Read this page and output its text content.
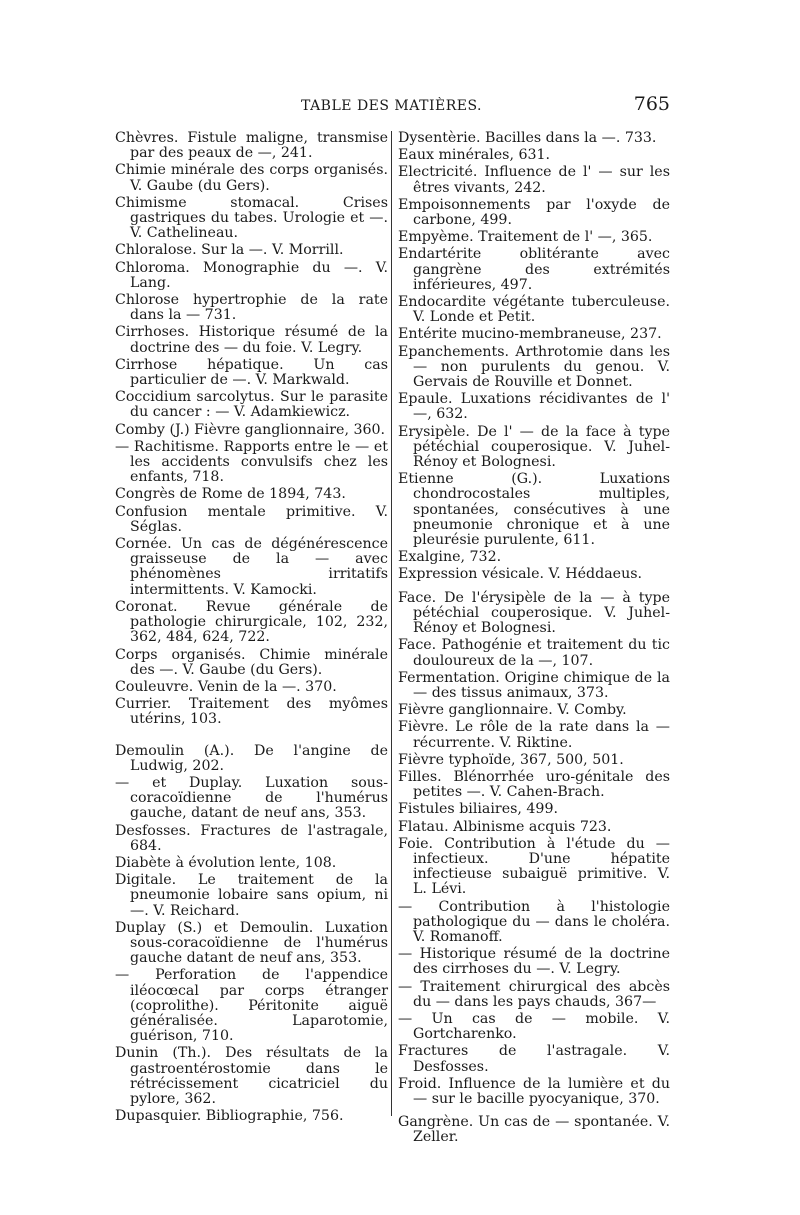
TABLE DES MATIÈRES.	765
Chèvres. Fistule maligne, transmise par des peaux de —, 241.
Chimie minérale des corps organisés. V. Gaube (du Gers).
Chimisme stomacal. Crises gastriques du tabes. Urologie et —. V. Cathelineau.
Chloralose. Sur la —. V. Morrill.
Chloroma. Monographie du —. V. Lang.
Chlorose hypertrophie de la rate dans la — 731.
Cirrhoses. Historique résumé de la doctrine des — du foie. V. Legry.
Cirrhose hépatique. Un cas particulier de —. V. Markwald.
Coccidium sarcolytus. Sur le parasite du cancer : — V. Adamkiewicz.
Comby (J.) Fièvre ganglionnaire, 360.
— Rachitisme. Rapports entre le — et les accidents convulsifs chez les enfants, 718.
Congrès de Rome de 1894, 743.
Confusion mentale primitive. V. Séglas.
Cornée. Un cas de dégénérescence graisseuse de la — avec phénomènes irritatifs intermittents. V. Kamocki.
Coronat. Revue générale de pathologie chirurgicale, 102, 232, 362, 484, 624, 722.
Corps organisés. Chimie minérale des —. V. Gaube (du Gers).
Couleuvre. Venin de la —. 370.
Currier. Traitement des myômes utérins, 103.
Demoulin (A.). De l'angine de Ludwig, 202.
— et Duplay. Luxation sous-coracoïdienne de l'humérus gauche, datant de neuf ans, 353.
Desfosses. Fractures de l'astragale, 684.
Diabète à évolution lente, 108.
Digitale. Le traitement de la pneumonie lobaire sans opium, ni —. V. Reichard.
Duplay (S.) et Demoulin. Luxation sous-coracoïdienne de l'humérus gauche datant de neuf ans, 353.
— Perforation de l'appendice iléocœcal par corps étranger (coprolithe). Péritonite aiguë généralisée. Laparotomie, guérison, 710.
Dunin (Th.). Des résultats de la gastroentérostomie dans le rétrécissement cicatriciel du pylore, 362.
Dupasquier. Bibliographie, 756.
Dysentèrie. Bacilles dans la —. 733.
Eaux minérales, 631.
Electricité. Influence de l' — sur les êtres vivants, 242.
Empoisonnements par l'oxyde de carbone, 499.
Empyème. Traitement de l' —, 365.
Endartérite oblitérante avec gangrène des extrémités inférieures, 497.
Endocardite végétante tuberculeuse. V. Londe et Petit.
Entérite mucino-membraneuse, 237.
Epanchements. Arthrotomie dans les — non purulents du genou. V. Gervais de Rouville et Donnet.
Epaule. Luxations récidivantes de l' —, 632.
Erysipèle. De l' — de la face à type pétéchial couperosique. V. Juhel-Rénoy et Bolognesi.
Etienne (G.). Luxations chondrocostales multiples, spontanées, consécutives à une pneumonie chronique et à une pleurésie purulente, 611.
Exalgine, 732.
Expression vésicale. V. Héddaeus.
Face. De l'érysipèle de la — à type pétéchial couperosique. V. Juhel-Rénoy et Bolognesi.
Face. Pathogénie et traitement du tic douloureux de la —, 107.
Fermentation. Origine chimique de la — des tissus animaux, 373.
Fièvre ganglionnaire. V. Comby.
Fièvre. Le rôle de la rate dans la — récurrente. V. Riktine.
Fièvre typhoïde, 367, 500, 501.
Filles. Blénorrhée uro-génitale des petites —. V. Cahen-Brach.
Fistules biliaires, 499.
Flatau. Albinisme acquis 723.
Foie. Contribution à l'étude du — infectieux. D'une hépatite infectieuse subaiguë primitive. V. L. Lévi.
— Contribution à l'histologie pathologique du — dans le choléra. V. Romanoff.
— Historique résumé de la doctrine des cirrhoses du —. V. Legry.
— Traitement chirurgical des abcès du — dans les pays chauds, 367—
— Un cas de — mobile. V. Gortcharenko.
Fractures de l'astragale. V. Desfosses.
Froid. Influence de la lumière et du — sur le bacille pyocyanique, 370.
Gangrène. Un cas de — spontanée. V. Zeller.
